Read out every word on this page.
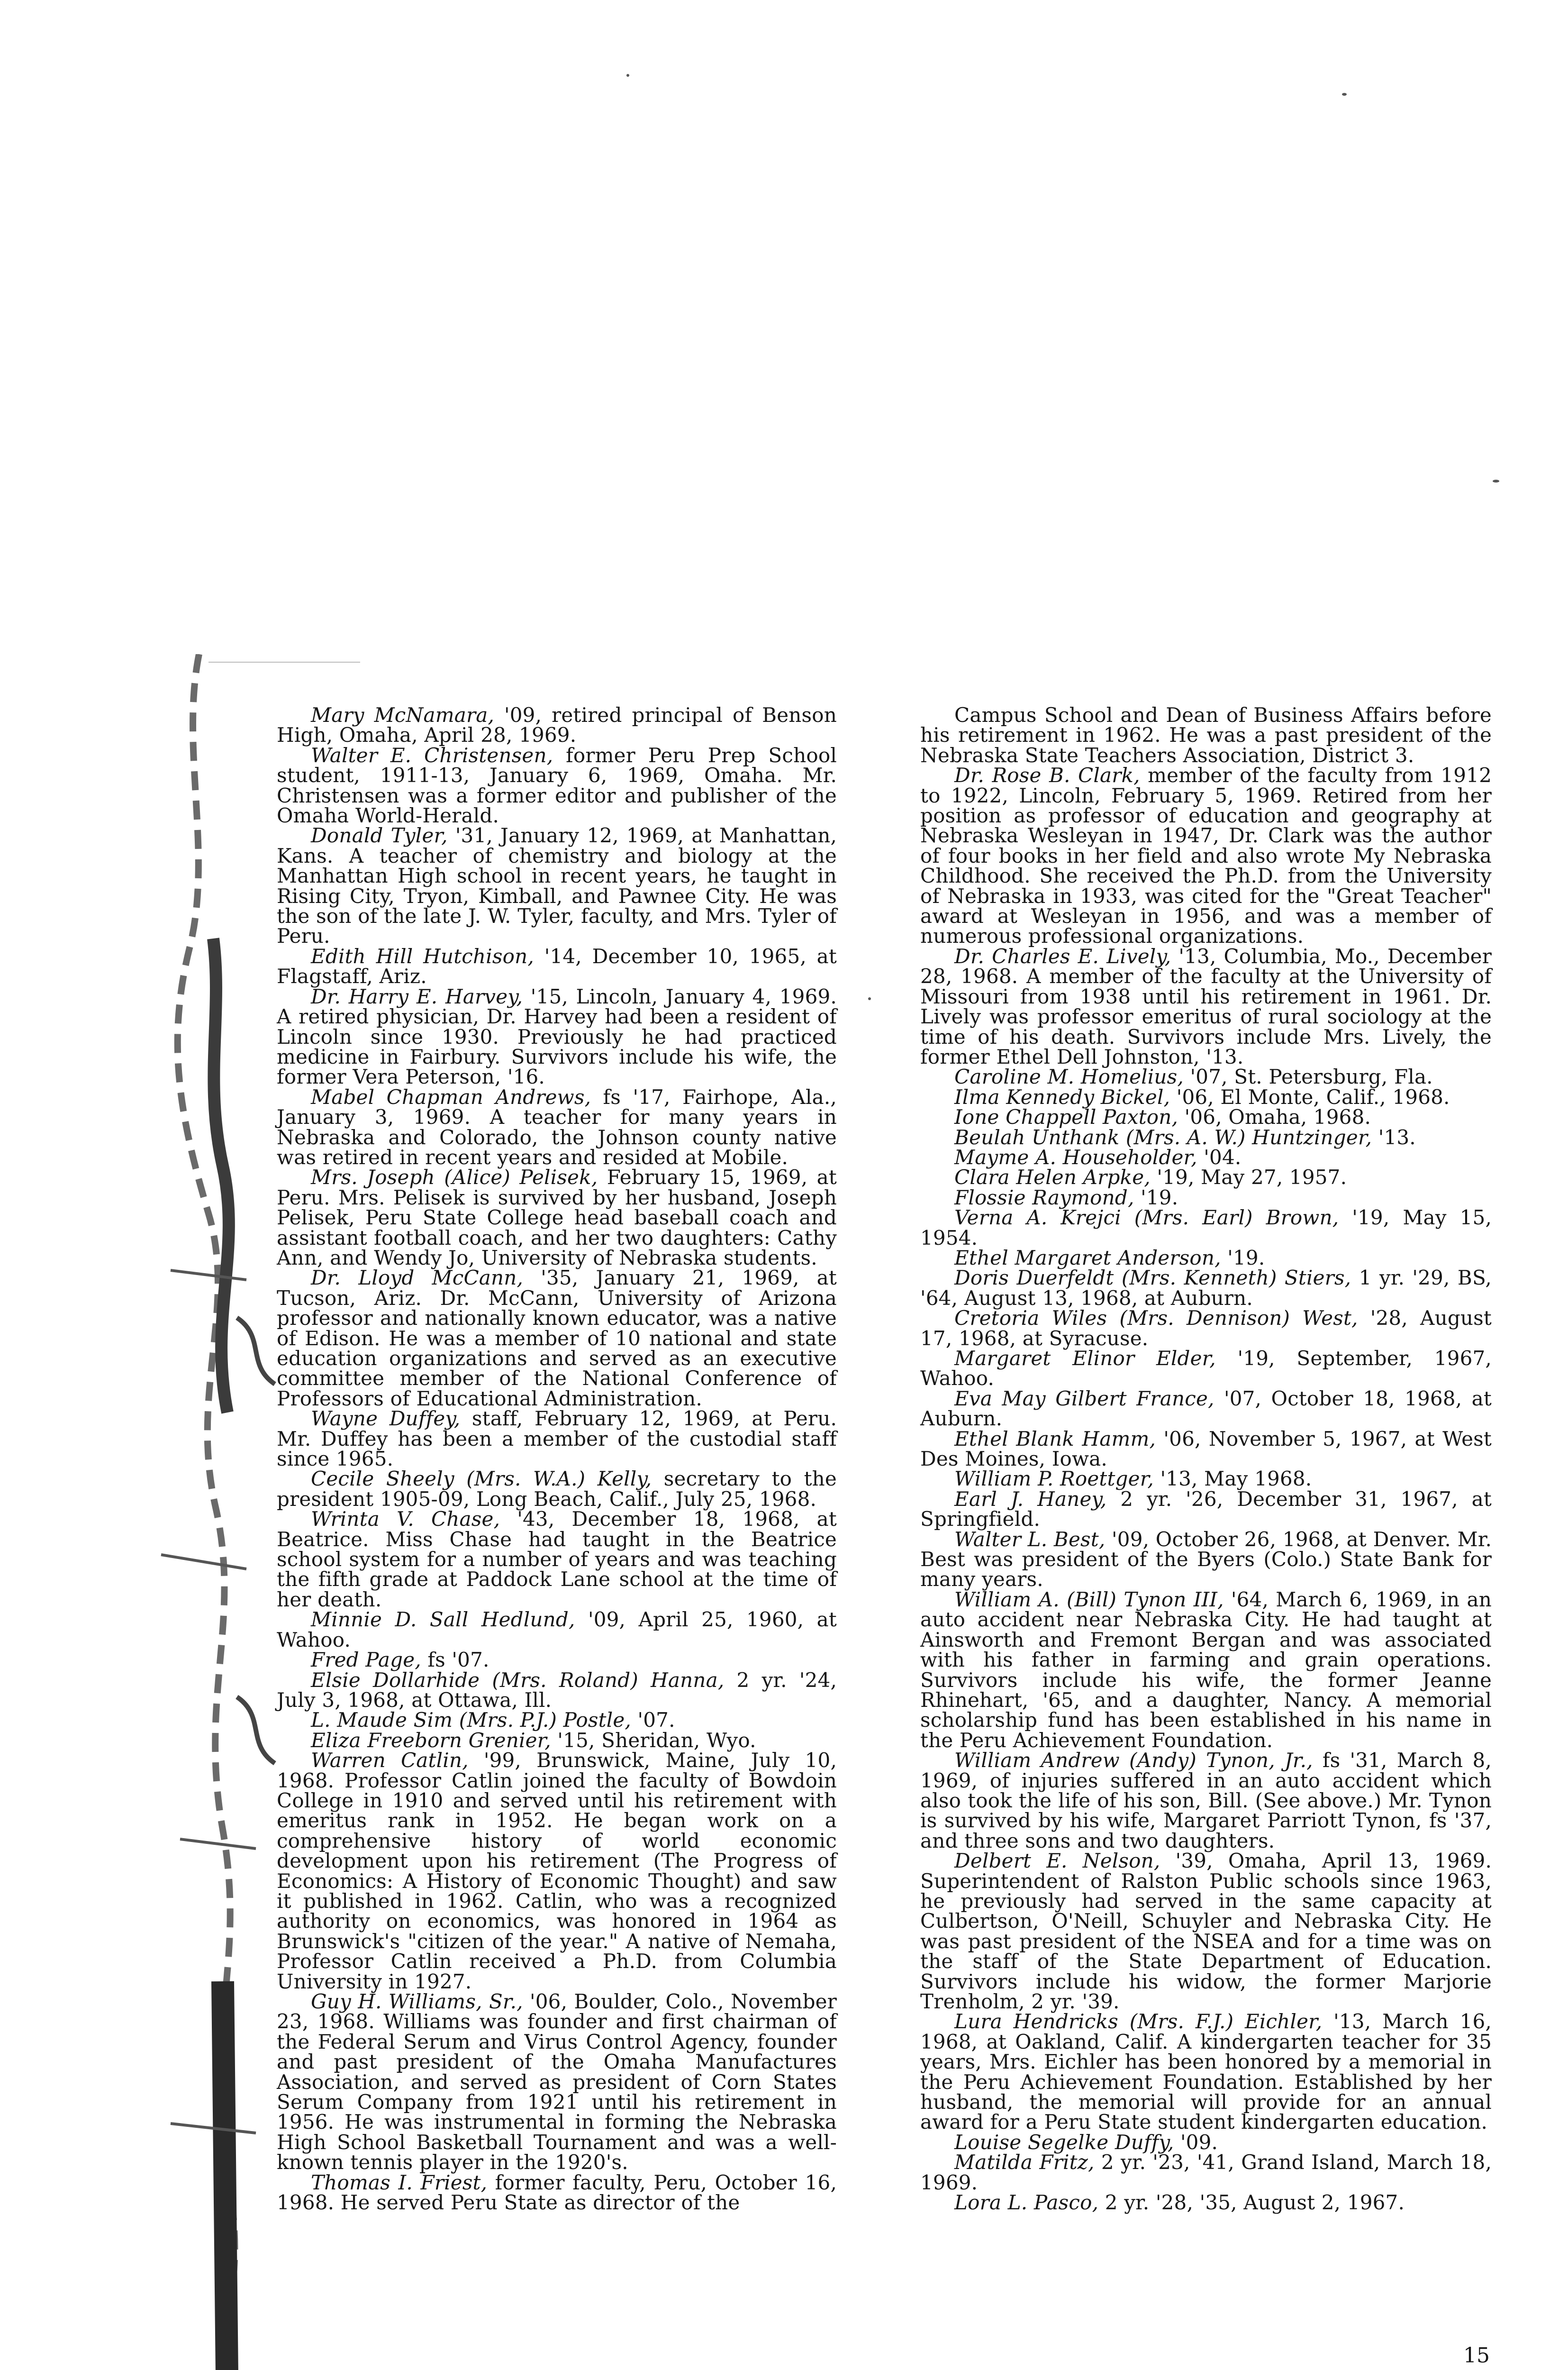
Mary McNamara, '09, retired principal of Benson High, Omaha, April 28, 1969.

Walter E. Christensen, former Peru Prep School student, 1911-13, January 6, 1969, Omaha. Mr. Christensen was a former editor and publisher of the Omaha World-Herald.

Donald Tyler, '31, January 12, 1969, at Manhattan, Kans. A teacher of chemistry and biology at the Manhattan High school in recent years, he taught in Rising City, Tryon, Kimball, and Pawnee City. He was the son of the late J. W. Tyler, faculty, and Mrs. Tyler of Peru.

Edith Hill Hutchison, '14, December 10, 1965, at Flagstaff, Ariz.

Dr. Harry E. Harvey, '15, Lincoln, January 4, 1969. A retired physician, Dr. Harvey had been a resident of Lincoln since 1930. Previously he had practiced medicine in Fairbury. Survivors include his wife, the former Vera Peterson, '16.

Mabel Chapman Andrews, fs '17, Fairhope, Ala., January 3, 1969. A teacher for many years in Nebraska and Colorado, the Johnson county native was retired in recent years and resided at Mobile.

Mrs. Joseph (Alice) Pelisek, February 15, 1969, at Peru. Mrs. Pelisek is survived by her husband, Joseph Pelisek, Peru State College head baseball coach and assistant football coach, and her two daughters: Cathy Ann, and Wendy Jo, University of Nebraska students.

Dr. Lloyd McCann, '35, January 21, 1969, at Tucson, Ariz. Dr. McCann, University of Arizona professor and nationally known educator, was a native of Edison. He was a member of 10 national and state education organizations and served as an executive committee member of the National Conference of Professors of Educational Administration.

Wayne Duffey, staff, February 12, 1969, at Peru. Mr. Duffey has been a member of the custodial staff since 1965.

Cecile Sheely (Mrs. W.A.) Kelly, secretary to the president 1905-09, Long Beach, Calif., July 25, 1968.

Wrinta V. Chase, '43, December 18, 1968, at Beatrice. Miss Chase had taught in the Beatrice school system for a number of years and was teaching the fifth grade at Paddock Lane school at the time of her death.

Minnie D. Sall Hedlund, '09, April 25, 1960, at Wahoo.

Fred Page, fs '07.

Elsie Dollarhide (Mrs. Roland) Hanna, 2 yr. '24, July 3, 1968, at Ottawa, Ill.

L. Maude Sim (Mrs. P.J.) Postle, '07.

Eliza Freeborn Grenier, '15, Sheridan, Wyo.

Warren Catlin, '99, Brunswick, Maine, July 10, 1968. Professor Catlin joined the faculty of Bowdoin College in 1910 and served until his retirement with emeritus rank in 1952. He began work on a comprehensive history of world economic development upon his retirement (The Progress of Economics: A History of Economic Thought) and saw it published in 1962. Catlin, who was a recognized authority on economics, was honored in 1964 as Brunswick's "citizen of the year." A native of Nemaha, Professor Catlin received a Ph.D. from Columbia University in 1927.

Guy H. Williams, Sr., '06, Boulder, Colo., November 23, 1968. Williams was founder and first chairman of the Federal Serum and Virus Control Agency, founder and past president of the Omaha Manufactures Association, and served as president of Corn States Serum Company from 1921 until his retirement in 1956. He was instrumental in forming the Nebraska High School Basketball Tournament and was a well-known tennis player in the 1920's.

Thomas I. Friest, former faculty, Peru, October 16, 1968. He served Peru State as director of the

Campus School and Dean of Business Affairs before his retirement in 1962. He was a past president of the Nebraska State Teachers Association, District 3.

Dr. Rose B. Clark, member of the faculty from 1912 to 1922, Lincoln, February 5, 1969. Retired from her position as professor of education and geography at Nebraska Wesleyan in 1947, Dr. Clark was the author of four books in her field and also wrote My Nebraska Childhood. She received the Ph.D. from the University of Nebraska in 1933, was cited for the "Great Teacher" award at Wesleyan in 1956, and was a member of numerous professional organizations.

Dr. Charles E. Lively, '13, Columbia, Mo., December 28, 1968. A member of the faculty at the University of Missouri from 1938 until his retirement in 1961. Dr. Lively was professor emeritus of rural sociology at the time of his death. Survivors include Mrs. Lively, the former Ethel Dell Johnston, '13.

Caroline M. Homelius, '07, St. Petersburg, Fla.

Ilma Kennedy Bickel, '06, El Monte, Calif., 1968.

Ione Chappell Paxton, '06, Omaha, 1968.

Beulah Unthank (Mrs. A. W.) Huntzinger, '13.

Mayme A. Householder, '04.

Clara Helen Arpke, '19, May 27, 1957.

Flossie Raymond, '19.

Verna A. Krejci (Mrs. Earl) Brown, '19, May 15, 1954.

Ethel Margaret Anderson, '19.

Doris Duerfeldt (Mrs. Kenneth) Stiers, 1 yr. '29, BS, '64, August 13, 1968, at Auburn.

Cretoria Wiles (Mrs. Dennison) West, '28, August 17, 1968, at Syracuse.

Margaret Elinor Elder, '19, September, 1967, Wahoo.

Eva May Gilbert France, '07, October 18, 1968, at Auburn.

Ethel Blank Hamm, '06, November 5, 1967, at West Des Moines, Iowa.

William P. Roettger, '13, May 1968.

Earl J. Haney, 2 yr. '26, December 31, 1967, at Springfield.

Walter L. Best, '09, October 26, 1968, at Denver. Mr. Best was president of the Byers (Colo.) State Bank for many years.

William A. (Bill) Tynon III, '64, March 6, 1969, in an auto accident near Nebraska City. He had taught at Ainsworth and Fremont Bergan and was associated with his father in farming and grain operations. Survivors include his wife, the former Jeanne Rhinehart, '65, and a daughter, Nancy. A memorial scholarship fund has been established in his name in the Peru Achievement Foundation.

William Andrew (Andy) Tynon, Jr., fs '31, March 8, 1969, of injuries suffered in an auto accident which also took the life of his son, Bill. (See above.) Mr. Tynon is survived by his wife, Margaret Parriott Tynon, fs '37, and three sons and two daughters.

Delbert E. Nelson, '39, Omaha, April 13, 1969. Superintendent of Ralston Public schools since 1963, he previously had served in the same capacity at Culbertson, O'Neill, Schuyler and Nebraska City. He was past president of the NSEA and for a time was on the staff of the State Department of Education. Survivors include his widow, the former Marjorie Trenholm, 2 yr. '39.

Lura Hendricks (Mrs. F.J.) Eichler, '13, March 16, 1968, at Oakland, Calif. A kindergarten teacher for 35 years, Mrs. Eichler has been honored by a memorial in the Peru Achievement Foundation. Established by her husband, the memorial will provide for an annual award for a Peru State student kindergarten education.

Louise Segelke Duffy, '09.

Matilda Fritz, 2 yr. '23, '41, Grand Island, March 18, 1969.

Lora L. Pasco, 2 yr. '28, '35, August 2, 1967.

15
